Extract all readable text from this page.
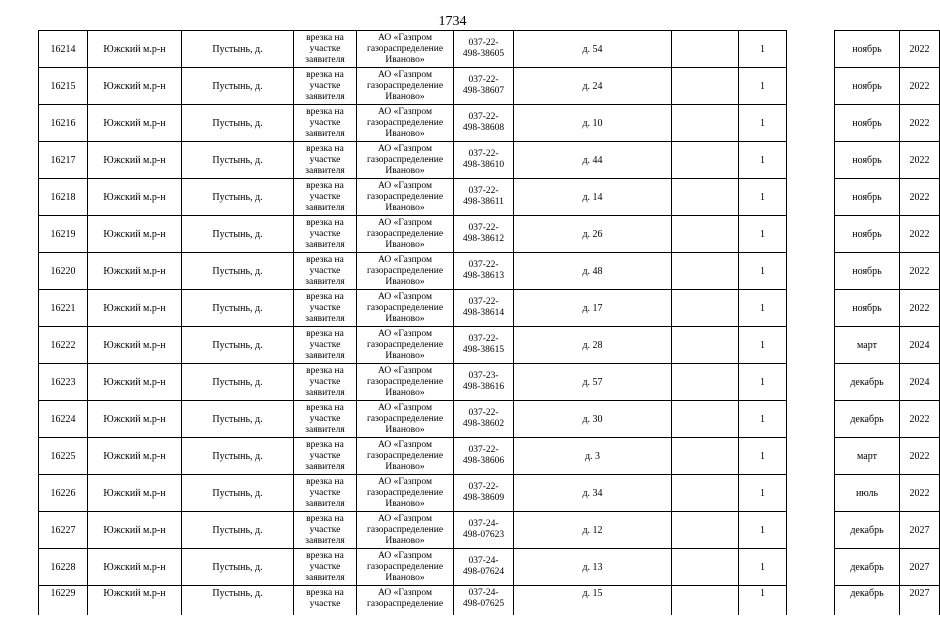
1734
16214	Южский м.р-н	Пустынь, д.	врезка на
участке
заявителя	АО «Газпром
газораспределение
Иваново»	037-22-
498-38605	д. 54		1		ноябрь	2022
16215	Южский м.р-н	Пустынь, д.	врезка на
участке
заявителя	АО «Газпром
газораспределение
Иваново»	037-22-
498-38607	д. 24		1		ноябрь	2022
16216	Южский м.р-н	Пустынь, д.	врезка на
участке
заявителя	АО «Газпром
газораспределение
Иваново»	037-22-
498-38608	д. 10		1		ноябрь	2022
16217	Южский м.р-н	Пустынь, д.	врезка на
участке
заявителя	АО «Газпром
газораспределение
Иваново»	037-22-
498-38610	д. 44		1		ноябрь	2022
16218	Южский м.р-н	Пустынь, д.	врезка на
участке
заявителя	АО «Газпром
газораспределение
Иваново»	037-22-
498-38611	д. 14		1		ноябрь	2022
16219	Южский м.р-н	Пустынь, д.	врезка на
участке
заявителя	АО «Газпром
газораспределение
Иваново»	037-22-
498-38612	д. 26		1		ноябрь	2022
16220	Южский м.р-н	Пустынь, д.	врезка на
участке
заявителя	АО «Газпром
газораспределение
Иваново»	037-22-
498-38613	д. 48		1		ноябрь	2022
16221	Южский м.р-н	Пустынь, д.	врезка на
участке
заявителя	АО «Газпром
газораспределение
Иваново»	037-22-
498-38614	д. 17		1		ноябрь	2022
16222	Южский м.р-н	Пустынь, д.	врезка на
участке
заявителя	АО «Газпром
газораспределение
Иваново»	037-22-
498-38615	д. 28		1		март	2024
16223	Южский м.р-н	Пустынь, д.	врезка на
участке
заявителя	АО «Газпром
газораспределение
Иваново»	037-23-
498-38616	д. 57		1		декабрь	2024
16224	Южский м.р-н	Пустынь, д.	врезка на
участке
заявителя	АО «Газпром
газораспределение
Иваново»	037-22-
498-38602	д. 30		1		декабрь	2022
16225	Южский м.р-н	Пустынь, д.	врезка на
участке
заявителя	АО «Газпром
газораспределение
Иваново»	037-22-
498-38606	д. 3		1		март	2022
16226	Южский м.р-н	Пустынь, д.	врезка на
участке
заявителя	АО «Газпром
газораспределение
Иваново»	037-22-
498-38609	д. 34		1		июль	2022
16227	Южский м.р-н	Пустынь, д.	врезка на
участке
заявителя	АО «Газпром
газораспределение
Иваново»	037-24-
498-07623	д. 12		1		декабрь	2027
16228	Южский м.р-н	Пустынь, д.	врезка на
участке
заявителя	АО «Газпром
газораспределение
Иваново»	037-24-
498-07624	д. 13		1		декабрь	2027
16229	Южский м.р-н	Пустынь, д.	врезка на
участке	АО «Газпром
газораспределение	037-24-
498-07625	д. 15		1		декабрь	2027
